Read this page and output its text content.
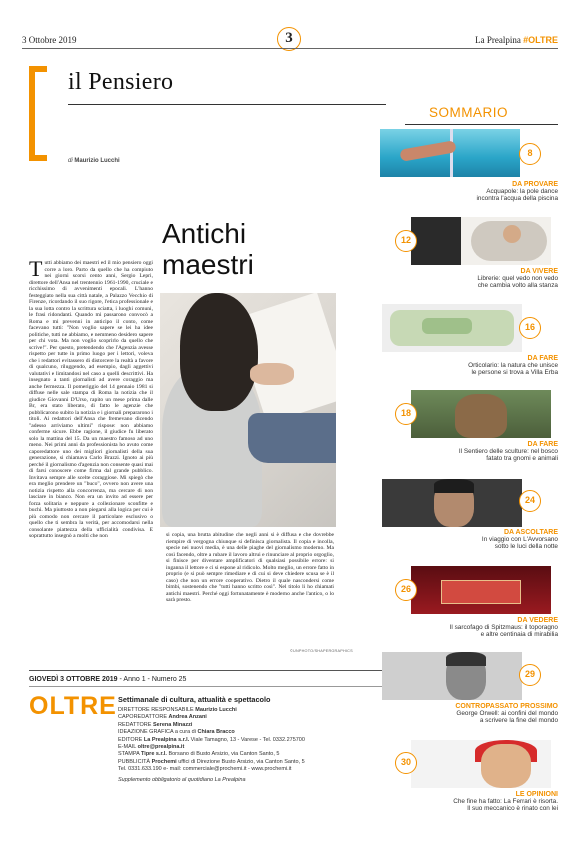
3 Ottobre 2019	3	La Prealpina #OLTRE
il Pensiero
di Maurizio Lucchi
Antichi
maestri
Tutti abbiamo dei maestri ed il mio pensiero oggi corre a loro. Parto da quello che ha compiuto nei giorni scorsi cento anni, Sergio Lepri, direttore dell'Ansa nel trentennio 1961-1990, cruciale e ricchissimo di avvenimenti epocali. L'hanno festeggiato nella sua città natale, a Palazzo Vecchio di Firenze, ricordando il suo rigore, l'etica professionale e la sua lotta contro la scrittura sciatta, i luoghi comuni, le frasi ridondanti. Quando mi passarono convocò a Roma e mi prevenni in anticipo il conto, come facevano tutti: "Non voglio sapere se lei ha idee politiche, tutti ne abbiamo, e nemmeno desidero sapere per chi vota. Ma non voglio scoprirlo da quello che scrive!". Per questo, pretendendo che l'Agenzia avesse rispetto per tutte in primo luogo per i lettori, voleva che i redattori evitassero di distorcere la realtà a favore di qualcuno, riluggendo, ad esempio, dagli aggettivi valutativi e limitandosi nel caso a quelli descrittivi. Ha insegnato a tanti giornalisti ad avere coraggio ma anche fermezza. Il pomeriggio del 14 gennaio 1981 si diffuse nelle sale stampa di Roma la notizia che il giudice Giovanni D'Urso, rapito un mese prima dalle Br, era stato liberato, di fatto le agenzie che pubblicarono subito la notizia e i giornali prepararono i titoli. Ai redattori dell'Ansa che fremevano dicendo "adesso arriviamo ultimi" rispose: non abbiamo conferme sicure. Ebbe ragione, il giudice fu liberato solo la mattina del 15. Da un maestro famoso ad uno meno. Nei primi anni da professionista ho avuto come caporedattore uno dei migliori giornalisti della sua generazione, si chiamava Carlo Brazzi. Ignoto ai più perché il giornalismo d'agenzia non consente quasi mai di farsi conoscere come firma dal grande pubblico. Invitava sempre alle scelte coraggiose. Mi spiegò che era meglio prendere un "buco", ovvero non avere una notizia rispetto alla concorrenza, ma cercare di non lasciare in bianco. Non era un invito ad essere per forza solitaria e neppure a collezionare sconfitte e buchi. Ma piuttosto a non piegarsi alla logica per cui è più comodo non cercare il particolare esclusivo o quello che ti sembra la verità, per accomodarsi nella consolante piattezza della ufficialità condivisa. E soprattutto insegnò a molti che non	si copia, una brutta abitudine che negli anni si è diffusa e che dovrebbe riempire di vergogna chiunque si definisca giornalista. Il copia e incolla, specie nei nuovi media, è una delle piaghe del giornalismo moderno. Ma così facendo, oltre a rubare il lavoro altrui e rinunciare al proprio orgoglio, si finisce per diventare amplificatori di qualsiasi possibile errore: si inganna il lettore e ci si espone al ridicolo. Molto meglio, un errore fatto in proprio (e si può sempre rimediare e di cui si deve chiedere scusa se è il caso) che non un errore cooperativo. Dietro il quale nascondersi come bimbi, sostenendo che "tutti hanno scritto così". Nel titolo li ho chiamati antichi maestri. Perché oggi fortunatamente è moderno anche l'antico, o lo sarà presto.
©UNPHOTO/SHAPERGRAPHICS
GIOVEDÌ 3 OTTOBRE 2019 - Anno 1 - Numero 25
OLTRE Settimanale di cultura, attualità e spettacolo
DIRETTORE RESPONSABILE Maurizio Lucchi
CAPOREDATTORE Andrea Anzani
REDATTORE Serena Minazzi
IDEAZIONE GRAFICA a cura di Chiara Bracco
EDITORE La Prealpina s.r.l. Viale Tamagno, 13 - Varese - Tel. 0332.275700
E-MAIL oltre@prealpina.it
STAMPA Tipre s.r.l. Borsano di Busto Arsizio, via Canton Santo, 5
PUBBLICITÀ Prochemi uffici di Direzione Busto Arsizio, via Canton Santo, 5
Tel. 0331.633.190 e- mail: commerciale@prochemi.it - www.prochemi.it
Supplemento obbligatorio al quotidiano La Prealpina
SOMMARIO
8
DA PROVARE
Acquapole: la pole dance
incontra l'acqua della piscina
12
DA VIVERE
Librerie: quel vedo non vedo
che cambia volto alla stanza
16
DA FARE
Orticolario: la natura che unisce
le persone si trova a Villa Erba
18
DA FARE
Il Sentiero delle sculture: nel bosco
fatato tra gnomi e animali
24
DA ASCOLTARE
In viaggio con L'Avvorsano
sotto le luci della notte
26
DA VEDERE
Il sarcofago di Spitzmaus: il toporagno
e altre centinaia di mirabilia
29
CONTROPASSATO PROSSIMO
George Orwell: ai confini del mondo
a scrivere la fine del mondo
30
LE OPINIONI
Che fine ha fatto: La Ferrari è risorta.
Il suo meccanico è rinato con lei
